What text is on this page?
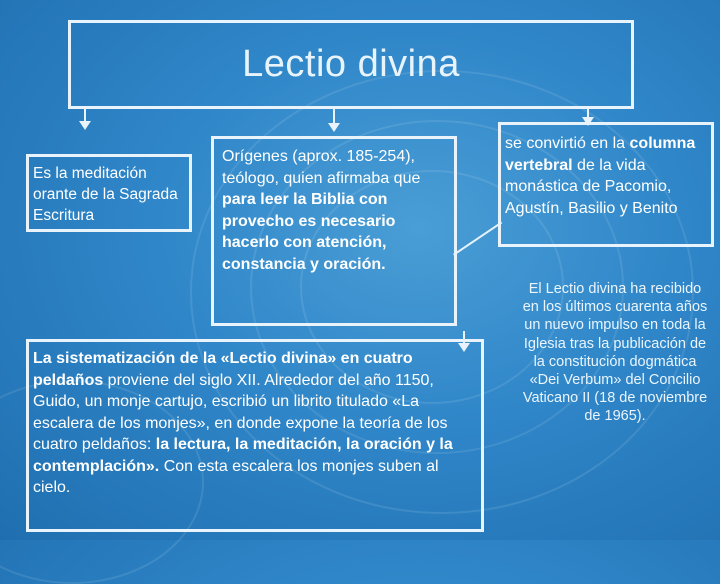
Lectio divina
Es la meditación orante de la Sagrada Escritura
Orígenes (aprox. 185-254), teólogo, quien afirmaba que para leer la Biblia con provecho es necesario hacerlo con atención, constancia y oración.
se convirtió en la columna vertebral de la vida monástica de Pacomio, Agustín, Basilio y Benito
La sistematización de la «Lectio divina» en cuatro peldaños proviene del siglo XII. Alrededor del año 1150, Guido, un monje cartujo, escribió un librito titulado «La escalera de los monjes», en donde expone la teoría de los cuatro peldaños: la lectura, la meditación, la oración y la contemplación». Con esta escalera los monjes suben al cielo.
El Lectio divina ha recibido en los últimos cuarenta años un nuevo impulso en toda la Iglesia tras la publicación de la constitución dogmática «Dei Verbum» del Concilio Vaticano II (18 de noviembre de 1965).
